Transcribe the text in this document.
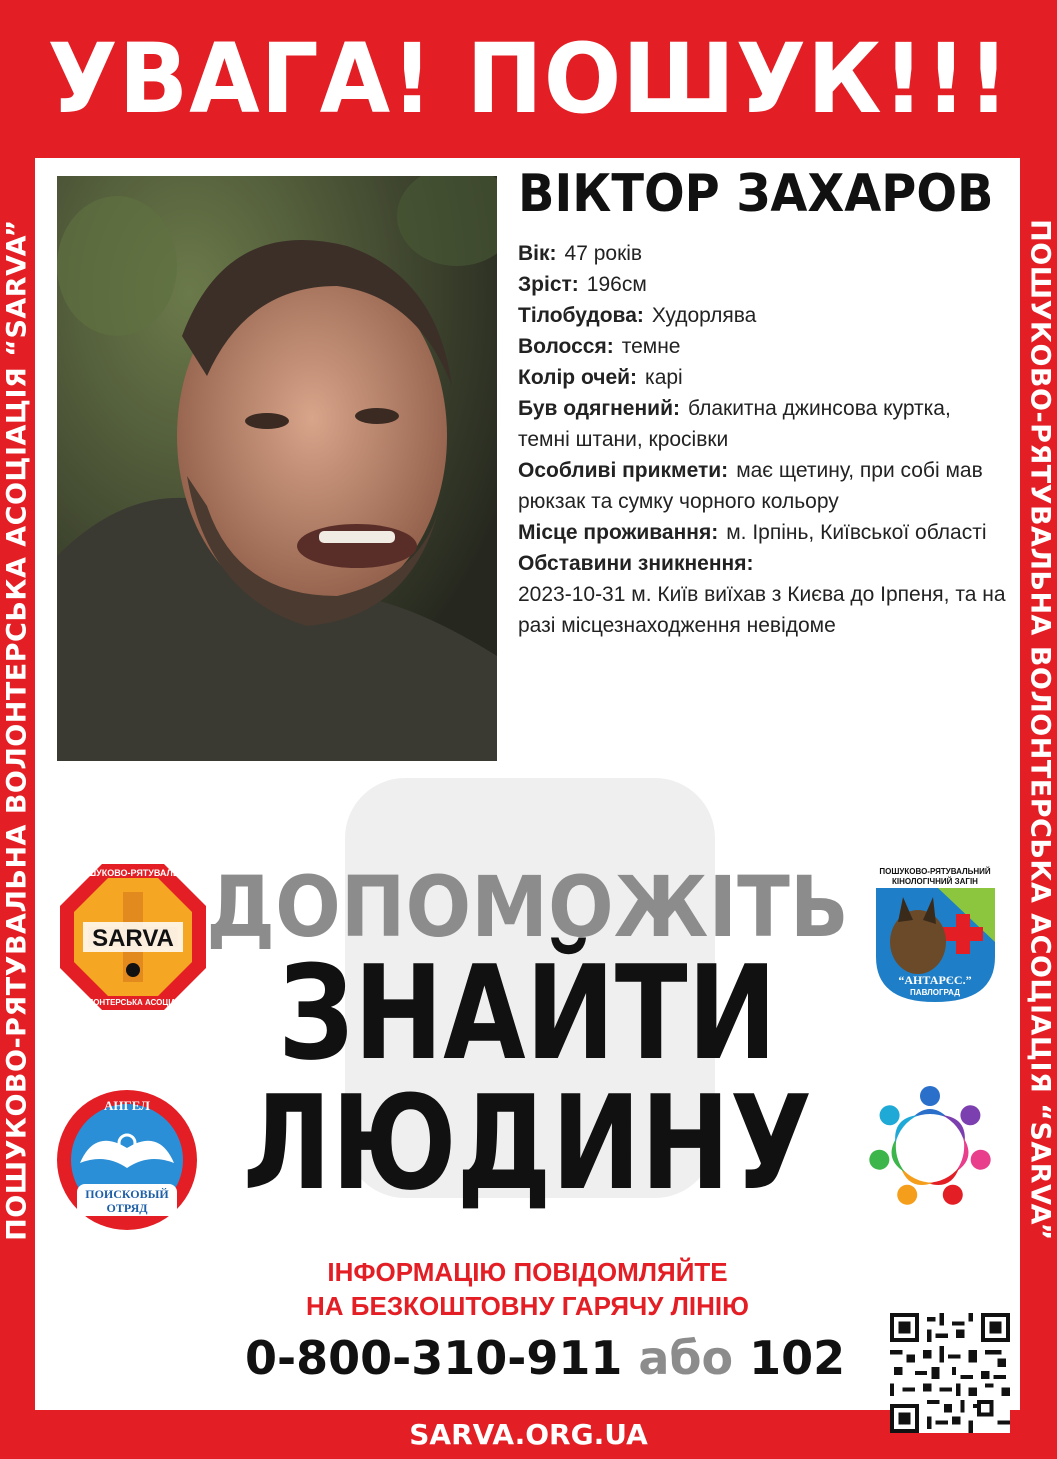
УВАГА! ПОШУК!!!
ПОШУКОВО-РЯТУВАЛЬНА ВОЛОНТЕРСЬКА АСОЦІАЦІЯ “SARVA”	ПОШУКОВО-РЯТУВАЛЬНА ВОЛОНТЕРСЬКА АСОЦІАЦІЯ “SARVA”
ВІКТОР ЗАХАРОВ
Вік: 47 років
Зріст: 196см
Тілобудова: Худорлява
Волосся: темне
Колір очей: карі
Був одягнений: блакитна джинсова куртка, темні штани, кросівки
Особливі прикмети: має щетину, при собі мав рюкзак та сумку чорного кольору
Місце проживання: м. Ірпінь, Київської області
Обставини зникнення:
2023-10-31 м. Київ виїхав з Києва до Ірпеня, та на разі місцезнаходження невідоме
ДОПОМОЖІТЬ
ЗНАЙТИ
ЛЮДИНУ
SARVA
ПОШУКОВО-РЯТУВАЛЬНА
ВОЛОНТЕРСЬКА АСОЦІАЦІЯ
ПОШУКОВО-РЯТУВАЛЬНИЙ
КІНОЛОГІЧНИЙ ЗАГІН
“АНТАРЄС.”
ПАВЛОГРАД
АНГЕЛ
ПОИСКОВЫЙ
ОТРЯД
ІНФОРМАЦІЮ ПОВІДОМЛЯЙТЕ
НА БЕЗКОШТОВНУ ГАРЯЧУ ЛІНІЮ
0-800-310-911 або 102
SARVA.ORG.UA
